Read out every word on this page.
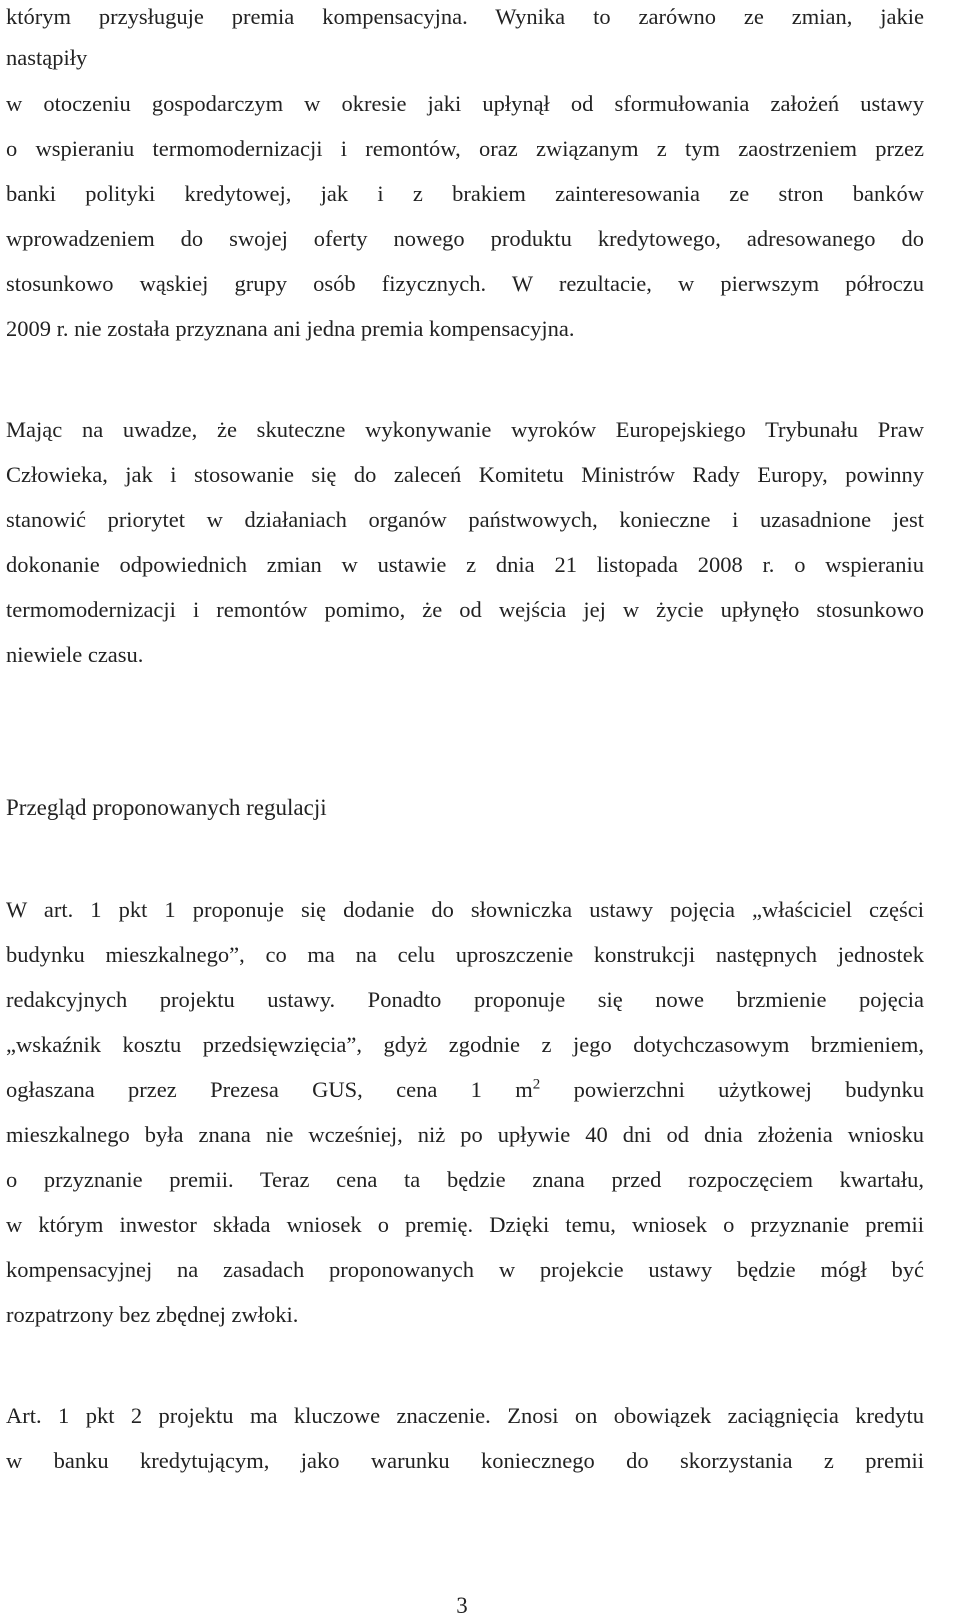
którym przysługuje premia kompensacyjna. Wynika to zarówno ze zmian, jakie
nastąpiły
w otoczeniu gospodarczym w okresie jaki upłynął od sformułowania założeń ustawy
o wspieraniu termomodernizacji i remontów, oraz związanym z tym zaostrzeniem przez
banki polityki kredytowej, jak i z brakiem zainteresowania ze stron banków
wprowadzeniem do swojej oferty nowego produktu kredytowego, adresowanego do
stosunkowo wąskiej grupy osób fizycznych. W rezultacie, w pierwszym półroczu
2009 r. nie została przyznana ani jedna premia kompensacyjna.
Mając na uwadze, że skuteczne wykonywanie wyroków Europejskiego Trybunału Praw
Człowieka, jak i stosowanie się do zaleceń Komitetu Ministrów Rady Europy, powinny
stanowić priorytet w działaniach organów państwowych, konieczne i uzasadnione jest
dokonanie odpowiednich zmian w ustawie z dnia 21 listopada 2008 r. o wspieraniu
termomodernizacji i remontów pomimo, że od wejścia jej w życie upłynęło stosunkowo
niewiele czasu.
Przegląd proponowanych regulacji
W art. 1 pkt 1 proponuje się dodanie do słowniczka ustawy pojęcia „właściciel części
budynku mieszkalnego”, co ma na celu uproszczenie konstrukcji następnych jednostek
redakcyjnych projektu ustawy. Ponadto proponuje się nowe brzmienie pojęcia
„wskaźnik kosztu przedsięwzięcia”, gdyż zgodnie z jego dotychczasowym brzmieniem,
ogłaszana przez Prezesa GUS, cena 1 $m^2$ powierzchni użytkowej budynku
mieszkalnego była znana nie wcześniej, niż po upływie 40 dni od dnia złożenia wniosku
o przyznanie premii. Teraz cena ta będzie znana przed rozpoczęciem kwartału,
w którym inwestor składa wniosek o premię. Dzięki temu, wniosek o przyznanie premii
kompensacyjnej na zasadach proponowanych w projekcie ustawy będzie mógł być
rozpatrzony bez zbędnej zwłoki.
Art. 1 pkt 2 projektu ma kluczowe znaczenie. Znosi on obowiązek zaciągnięcia kredytu
w banku kredytującym, jako warunku koniecznego do skorzystania z premii
3
